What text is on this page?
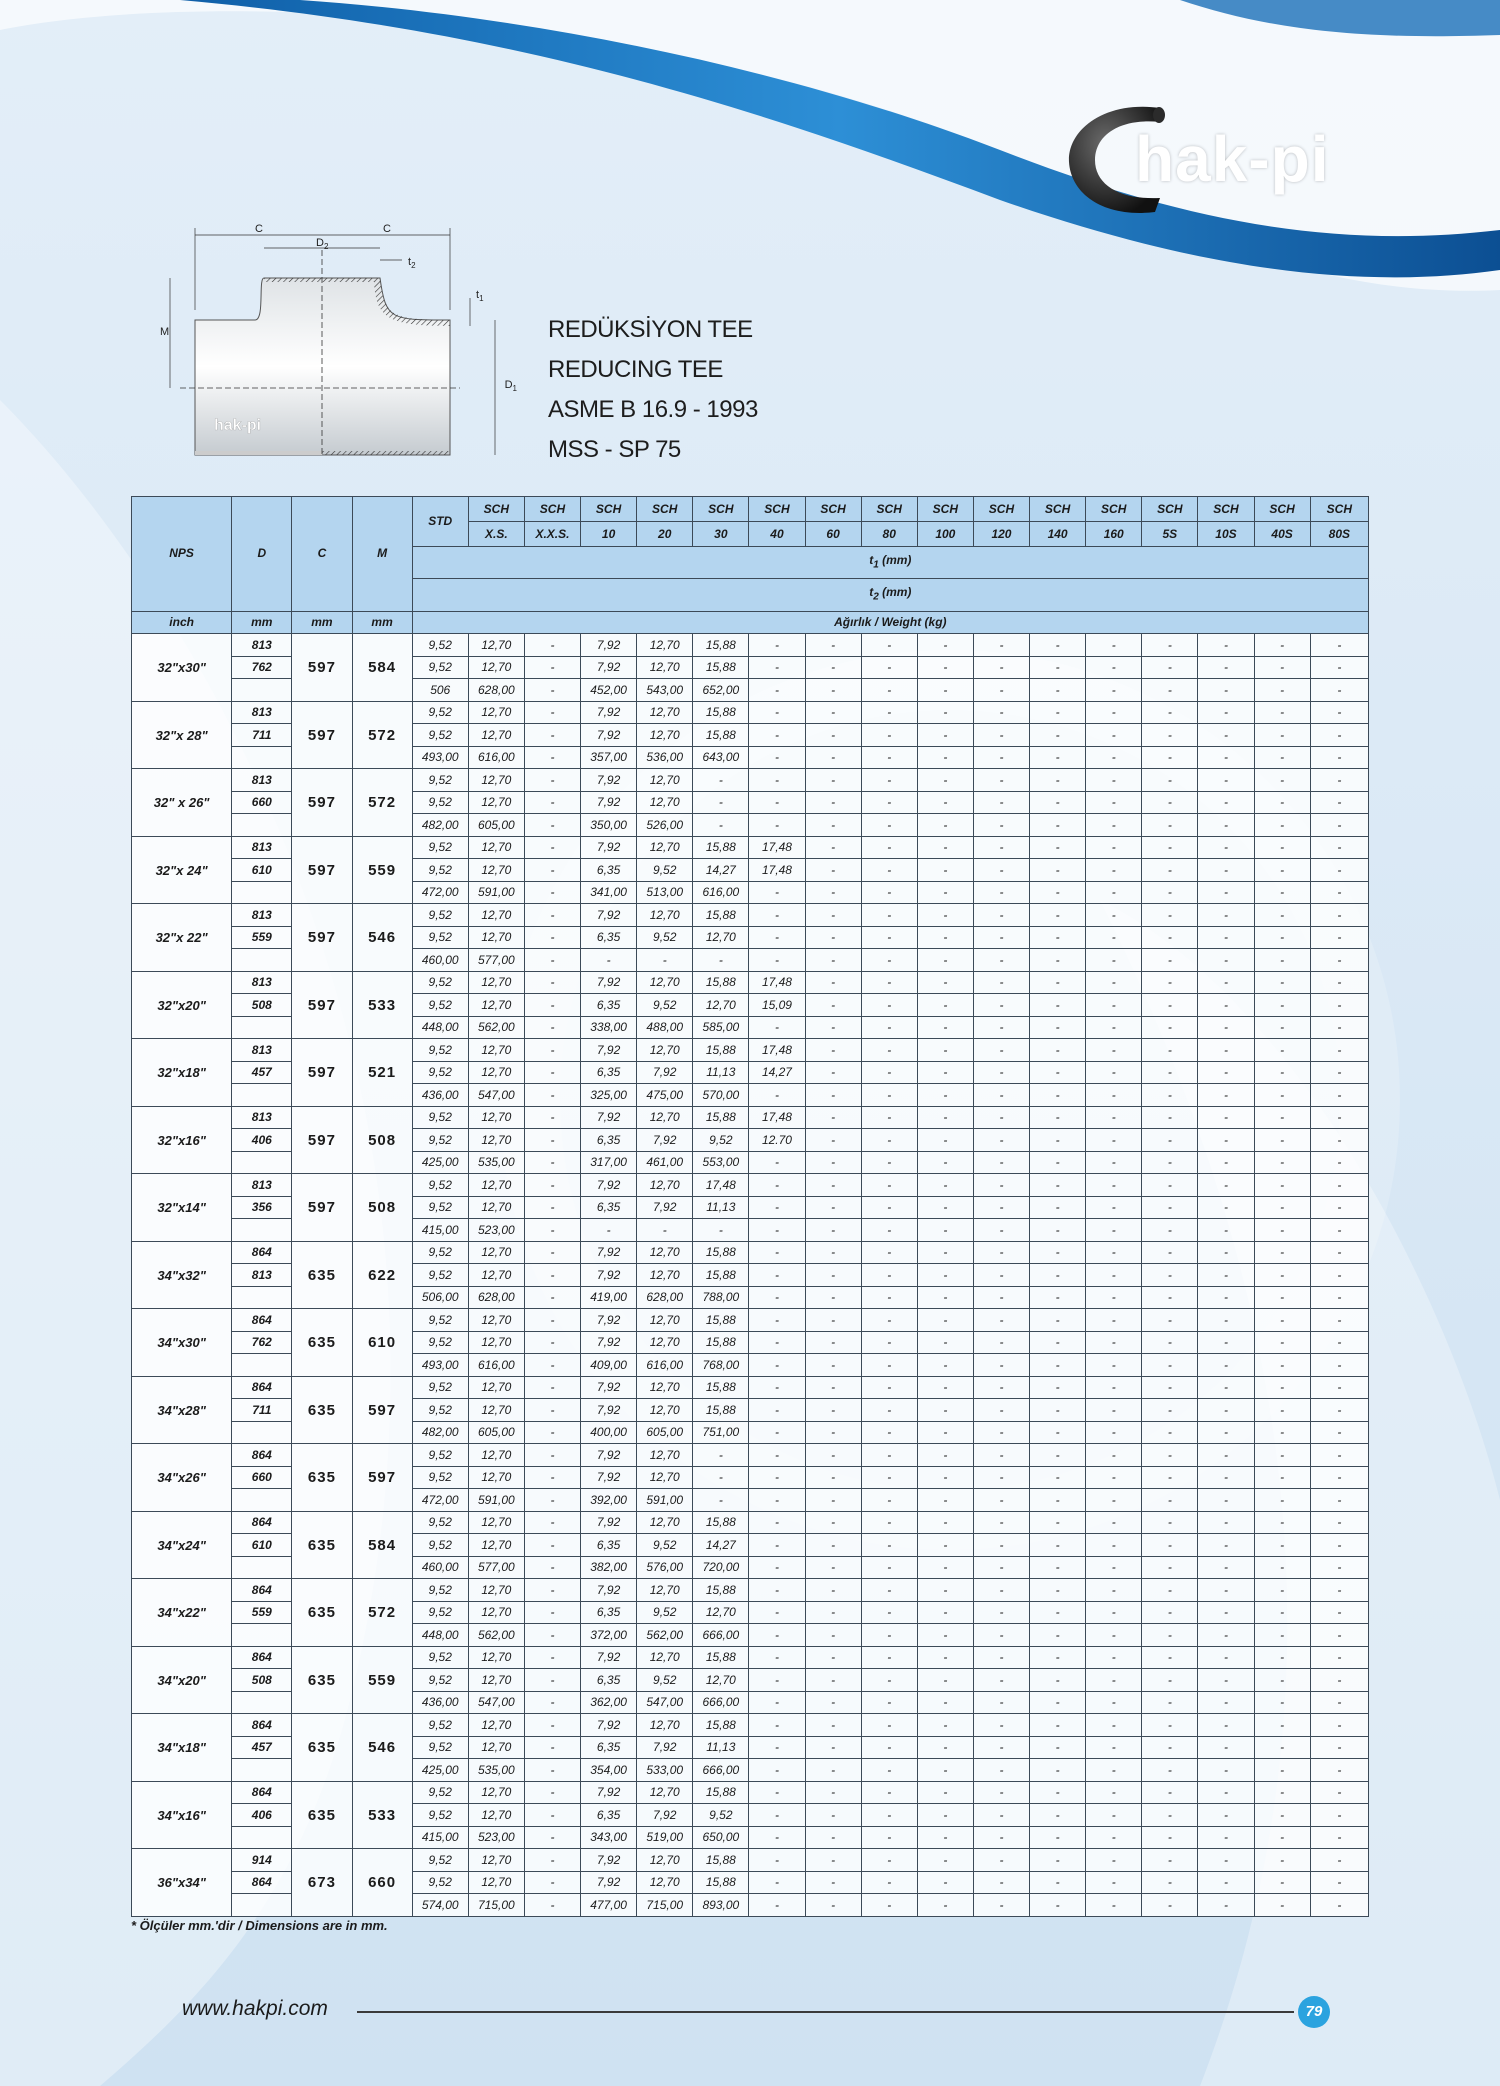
hak-pi
C	C
$D_2$
$t_2$
M
$D_1$
$t_1$
hak-pi
REDÜKSİYON TEE
REDUCING TEE
ASME B 16.9 - 1993
MSS - SP 75
NPS	D	C	M	STD	SCH	SCH	SCH	SCH	SCH	SCH	SCH	SCH	SCH	SCH	SCH	SCH	SCH	SCH	SCH	SCH
					X.S.	X.X.S.	10	20	30	40	60	80	100	120	140	160	5S	10S	40S	80S
				$t_1$ (mm)																
				$t_2$ (mm)																
inch	mm	mm	mm	Ağırlık / Weight (kg)																
32"x30"	813	597	584	9,52	12,70	-	7,92	12,70	15,88	-	-	-	-	-	-	-	-	-	-	-
	762			9,52	12,70	-	7,92	12,70	15,88	-	-	-	-	-	-	-	-	-	-	-
				506	628,00	-	452,00	543,00	652,00	-	-	-	-	-	-	-	-	-	-	-
32"x 28"	813	597	572	9,52	12,70	-	7,92	12,70	15,88	-	-	-	-	-	-	-	-	-	-	-
	711			9,52	12,70	-	7,92	12,70	15,88	-	-	-	-	-	-	-	-	-	-	-
				493,00	616,00	-	357,00	536,00	643,00	-	-	-	-	-	-	-	-	-	-	-
32" x 26"	813	597	572	9,52	12,70	-	7,92	12,70	-	-	-	-	-	-	-	-	-	-	-	-
	660			9,52	12,70	-	7,92	12,70	-	-	-	-	-	-	-	-	-	-	-	-
				482,00	605,00	-	350,00	526,00	-	-	-	-	-	-	-	-	-	-	-	-
32"x 24"	813	597	559	9,52	12,70	-	7,92	12,70	15,88	17,48	-	-	-	-	-	-	-	-	-	-
	610			9,52	12,70	-	6,35	9,52	14,27	17,48	-	-	-	-	-	-	-	-	-	-
				472,00	591,00	-	341,00	513,00	616,00	-	-	-	-	-	-	-	-	-	-	-
32"x 22"	813	597	546	9,52	12,70	-	7,92	12,70	15,88	-	-	-	-	-	-	-	-	-	-	-
	559			9,52	12,70	-	6,35	9,52	12,70	-	-	-	-	-	-	-	-	-	-	-
				460,00	577,00	-	-	-	-	-	-	-	-	-	-	-	-	-	-	-
32"x20"	813	597	533	9,52	12,70	-	7,92	12,70	15,88	17,48	-	-	-	-	-	-	-	-	-	-
	508			9,52	12,70	-	6,35	9,52	12,70	15,09	-	-	-	-	-	-	-	-	-	-
				448,00	562,00	-	338,00	488,00	585,00	-	-	-	-	-	-	-	-	-	-	-
32"x18"	813	597	521	9,52	12,70	-	7,92	12,70	15,88	17,48	-	-	-	-	-	-	-	-	-	-
	457			9,52	12,70	-	6,35	7,92	11,13	14,27	-	-	-	-	-	-	-	-	-	-
				436,00	547,00	-	325,00	475,00	570,00	-	-	-	-	-	-	-	-	-	-	-
32"x16"	813	597	508	9,52	12,70	-	7,92	12,70	15,88	17,48	-	-	-	-	-	-	-	-	-	-
	406			9,52	12,70	-	6,35	7,92	9,52	12.70	-	-	-	-	-	-	-	-	-	-
				425,00	535,00	-	317,00	461,00	553,00	-	-	-	-	-	-	-	-	-	-	-
32"x14"	813	597	508	9,52	12,70	-	7,92	12,70	17,48	-	-	-	-	-	-	-	-	-	-	-
	356			9,52	12,70	-	6,35	7,92	11,13	-	-	-	-	-	-	-	-	-	-	-
				415,00	523,00	-	-	-	-	-	-	-	-	-	-	-	-	-	-	-
34"x32"	864	635	622	9,52	12,70	-	7,92	12,70	15,88	-	-	-	-	-	-	-	-	-	-	-
	813			9,52	12,70	-	7,92	12,70	15,88	-	-	-	-	-	-	-	-	-	-	-
				506,00	628,00	-	419,00	628,00	788,00	-	-	-	-	-	-	-	-	-	-	-
34"x30"	864	635	610	9,52	12,70	-	7,92	12,70	15,88	-	-	-	-	-	-	-	-	-	-	-
	762			9,52	12,70	-	7,92	12,70	15,88	-	-	-	-	-	-	-	-	-	-	-
				493,00	616,00	-	409,00	616,00	768,00	-	-	-	-	-	-	-	-	-	-	-
34"x28"	864	635	597	9,52	12,70	-	7,92	12,70	15,88	-	-	-	-	-	-	-	-	-	-	-
	711			9,52	12,70	-	7,92	12,70	15,88	-	-	-	-	-	-	-	-	-	-	-
				482,00	605,00	-	400,00	605,00	751,00	-	-	-	-	-	-	-	-	-	-	-
34"x26"	864	635	597	9,52	12,70	-	7,92	12,70	-	-	-	-	-	-	-	-	-	-	-	-
	660			9,52	12,70	-	7,92	12,70	-	-	-	-	-	-	-	-	-	-	-	-
				472,00	591,00	-	392,00	591,00	-	-	-	-	-	-	-	-	-	-	-	-
34"x24"	864	635	584	9,52	12,70	-	7,92	12,70	15,88	-	-	-	-	-	-	-	-	-	-	-
	610			9,52	12,70	-	6,35	9,52	14,27	-	-	-	-	-	-	-	-	-	-	-
				460,00	577,00	-	382,00	576,00	720,00	-	-	-	-	-	-	-	-	-	-	-
34"x22"	864	635	572	9,52	12,70	-	7,92	12,70	15,88	-	-	-	-	-	-	-	-	-	-	-
	559			9,52	12,70	-	6,35	9,52	12,70	-	-	-	-	-	-	-	-	-	-	-
				448,00	562,00	-	372,00	562,00	666,00	-	-	-	-	-	-	-	-	-	-	-
34"x20"	864	635	559	9,52	12,70	-	7,92	12,70	15,88	-	-	-	-	-	-	-	-	-	-	-
	508			9,52	12,70	-	6,35	9,52	12,70	-	-	-	-	-	-	-	-	-	-	-
				436,00	547,00	-	362,00	547,00	666,00	-	-	-	-	-	-	-	-	-	-	-
34"x18"	864	635	546	9,52	12,70	-	7,92	12,70	15,88	-	-	-	-	-	-	-	-	-	-	-
	457			9,52	12,70	-	6,35	7,92	11,13	-	-	-	-	-	-	-	-	-	-	-
				425,00	535,00	-	354,00	533,00	666,00	-	-	-	-	-	-	-	-	-	-	-
34"x16"	864	635	533	9,52	12,70	-	7,92	12,70	15,88	-	-	-	-	-	-	-	-	-	-	-
	406			9,52	12,70	-	6,35	7,92	9,52	-	-	-	-	-	-	-	-	-	-	-
				415,00	523,00	-	343,00	519,00	650,00	-	-	-	-	-	-	-	-	-	-	-
36"x34"	914	673	660	9,52	12,70	-	7,92	12,70	15,88	-	-	-	-	-	-	-	-	-	-	-
	864			9,52	12,70	-	7,92	12,70	15,88	-	-	-	-	-	-	-	-	-	-	-
				574,00	715,00	-	477,00	715,00	893,00	-	-	-	-	-	-	-	-	-	-	-
* Ölçüler mm.'dir / Dimensions are in mm.
www.hakpi.com	79
